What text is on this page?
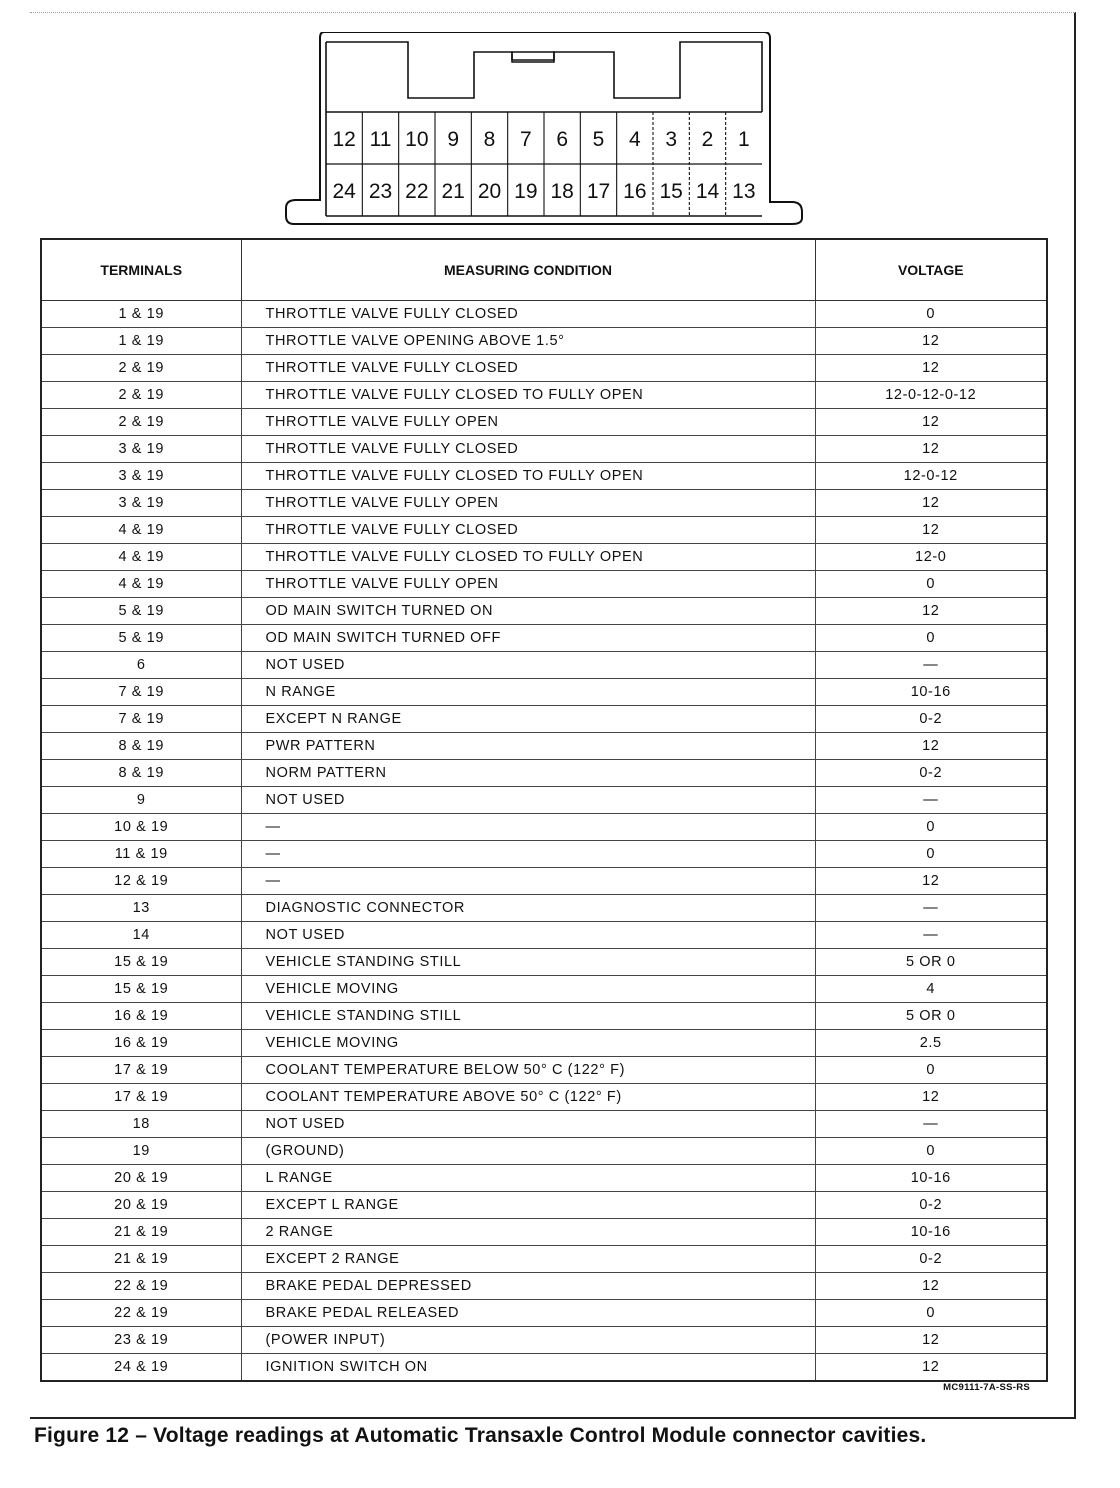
12 11 10 9 8 7 6 5 4 3 2 1
24 23 22 21 20 19 18 17 16 15 14 13
TERMINALS	MEASURING CONDITION	VOLTAGE
1 & 19	THROTTLE VALVE FULLY CLOSED	0
1 & 19	THROTTLE VALVE OPENING ABOVE 1.5°	12
2 & 19	THROTTLE VALVE FULLY CLOSED	12
2 & 19	THROTTLE VALVE FULLY CLOSED TO FULLY OPEN	12-0-12-0-12
2 & 19	THROTTLE VALVE FULLY OPEN	12
3 & 19	THROTTLE VALVE FULLY CLOSED	12
3 & 19	THROTTLE VALVE FULLY CLOSED TO FULLY OPEN	12-0-12
3 & 19	THROTTLE VALVE FULLY OPEN	12
4 & 19	THROTTLE VALVE FULLY CLOSED	12
4 & 19	THROTTLE VALVE FULLY CLOSED TO FULLY OPEN	12-0
4 & 19	THROTTLE VALVE FULLY OPEN	0
5 & 19	OD MAIN SWITCH TURNED ON	12
5 & 19	OD MAIN SWITCH TURNED OFF	0
6	NOT USED	—
7 & 19	N RANGE	10-16
7 & 19	EXCEPT N RANGE	0-2
8 & 19	PWR PATTERN	12
8 & 19	NORM PATTERN	0-2
9	NOT USED	—
10 & 19	—	0
11 & 19	—	0
12 & 19	—	12
13	DIAGNOSTIC CONNECTOR	—
14	NOT USED	—
15 & 19	VEHICLE STANDING STILL	5 OR 0
15 & 19	VEHICLE MOVING	4
16 & 19	VEHICLE STANDING STILL	5 OR 0
16 & 19	VEHICLE MOVING	2.5
17 & 19	COOLANT TEMPERATURE BELOW 50° C (122° F)	0
17 & 19	COOLANT TEMPERATURE ABOVE 50° C (122° F)	12
18	NOT USED	—
19	(GROUND)	0
20 & 19	L RANGE	10-16
20 & 19	EXCEPT L RANGE	0-2
21 & 19	2 RANGE	10-16
21 & 19	EXCEPT 2 RANGE	0-2
22 & 19	BRAKE PEDAL DEPRESSED	12
22 & 19	BRAKE PEDAL RELEASED	0
23 & 19	(POWER INPUT)	12
24 & 19	IGNITION SWITCH ON	12
MC9111-7A-SS-RS
Figure 12 – Voltage readings at Automatic Transaxle Control Module connector cavities.
